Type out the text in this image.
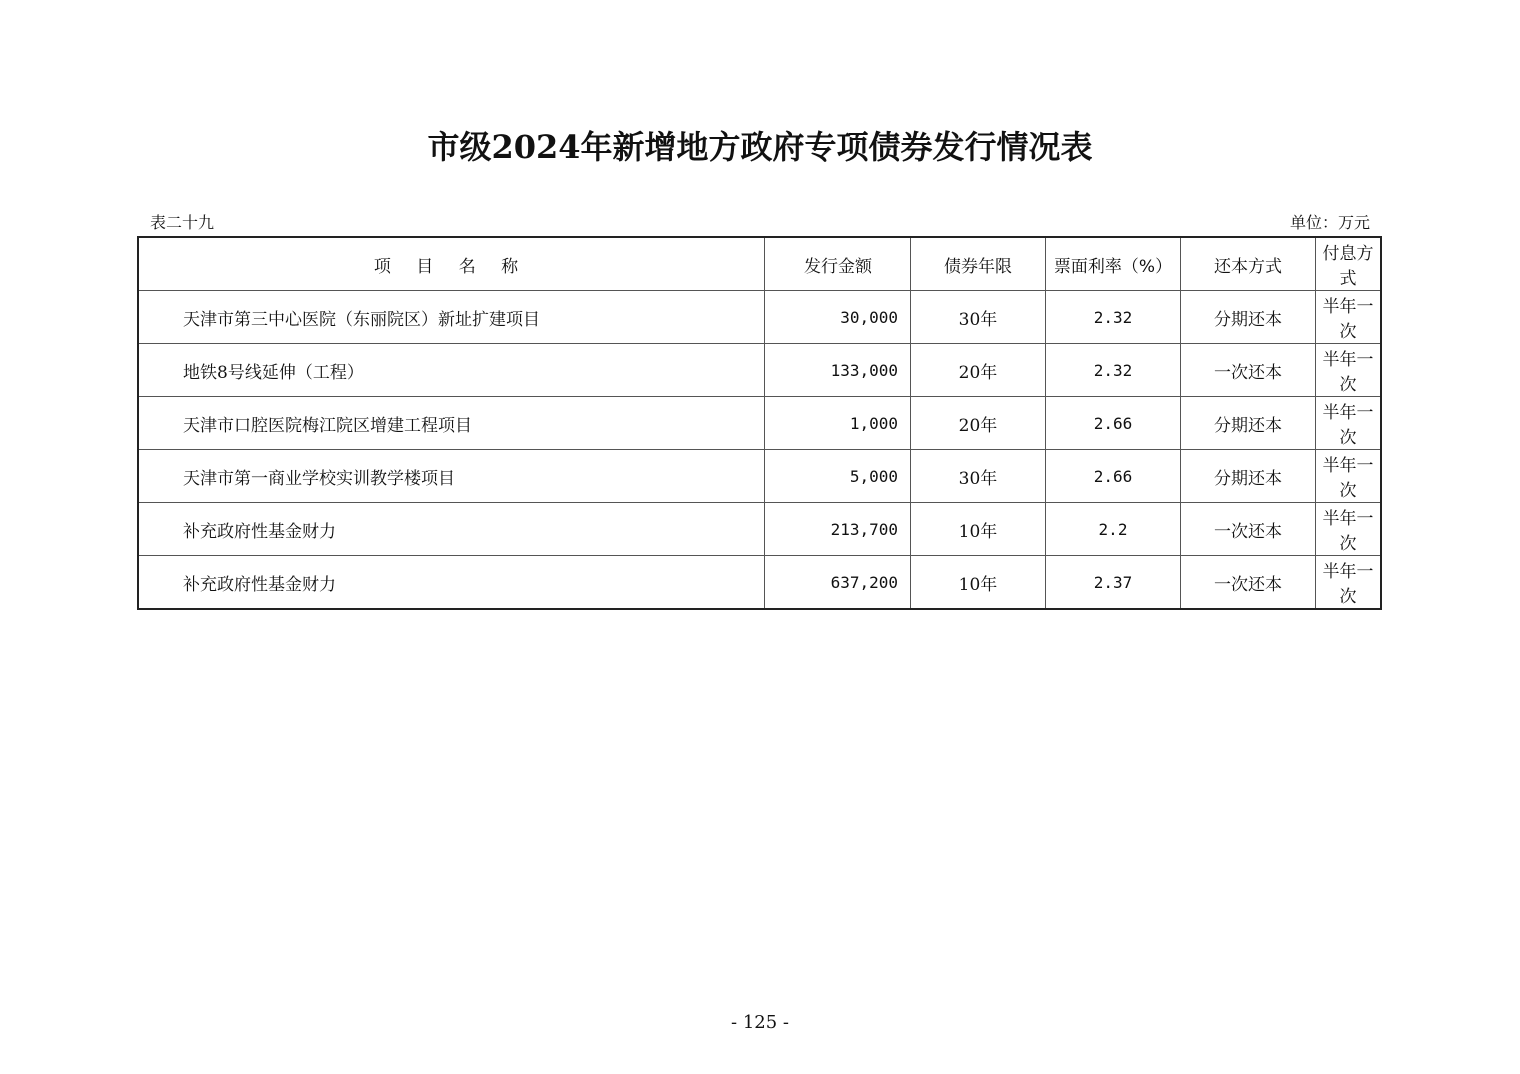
市级2024年新增地方政府专项债券发行情况表
表二十九	单位：万元
项 目 名 称	发行金额	债券年限	票面利率（%）	还本方式	付息方式
天津市第三中心医院（东丽院区）新址扩建项目	30,000	30年	2.32	分期还本	半年一次
地铁8号线延伸（工程）	133,000	20年	2.32	一次还本	半年一次
天津市口腔医院梅江院区增建工程项目	1,000	20年	2.66	分期还本	半年一次
天津市第一商业学校实训教学楼项目	5,000	30年	2.66	分期还本	半年一次
补充政府性基金财力	213,700	10年	2.2	一次还本	半年一次
补充政府性基金财力	637,200	10年	2.37	一次还本	半年一次
- 125 -
